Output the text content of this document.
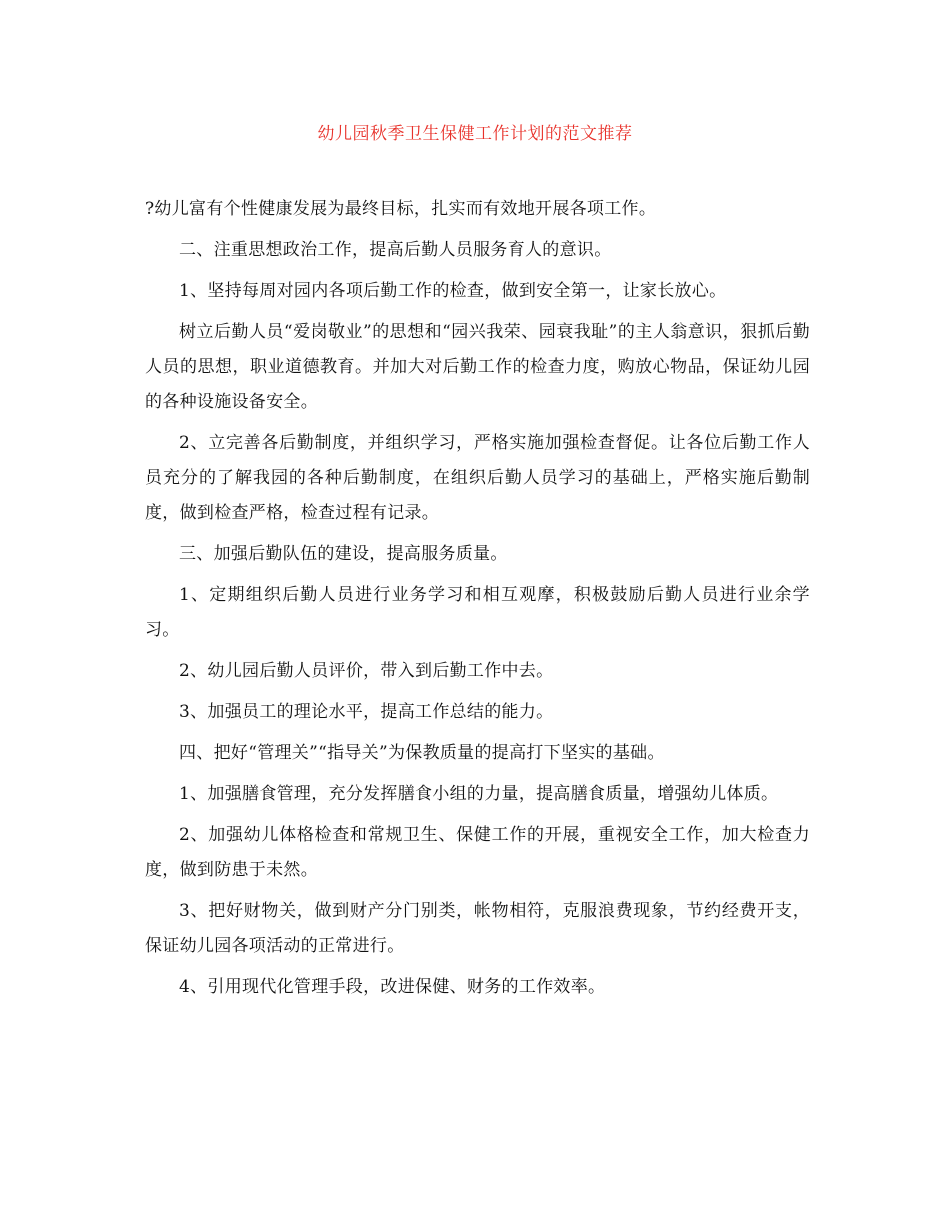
幼儿园秋季卫生保健工作计划的范文推荐

?幼儿富有个性健康发展为最终目标，扎实而有效地开展各项工作。

二、注重思想政治工作，提高后勤人员服务育人的意识。

1、坚持每周对园内各项后勤工作的检查，做到安全第一，让家长放心。

树立后勤人员“爱岗敬业”的思想和“园兴我荣、园衰我耻”的主人翁意识，狠抓后勤人员的思想，职业道德教育。并加大对后勤工作的检查力度，购放心物品，保证幼儿园的各种设施设备安全。

2、立完善各后勤制度，并组织学习，严格实施加强检查督促。让各位后勤工作人员充分的了解我园的各种后勤制度，在组织后勤人员学习的基础上，严格实施后勤制度，做到检查严格，检查过程有记录。

三、加强后勤队伍的建设，提高服务质量。

1、定期组织后勤人员进行业务学习和相互观摩，积极鼓励后勤人员进行业余学习。

2、幼儿园后勤人员评价，带入到后勤工作中去。

3、加强员工的理论水平，提高工作总结的能力。

四、把好“管理关”“指导关”为保教质量的提高打下坚实的基础。

1、加强膳食管理，充分发挥膳食小组的力量，提高膳食质量，增强幼儿体质。

2、加强幼儿体格检查和常规卫生、保健工作的开展，重视安全工作，加大检查力度，做到防患于未然。

3、把好财物关，做到财产分门别类，帐物相符，克服浪费现象，节约经费开支，保证幼儿园各项活动的正常进行。

4、引用现代化管理手段，改进保健、财务的工作效率。
